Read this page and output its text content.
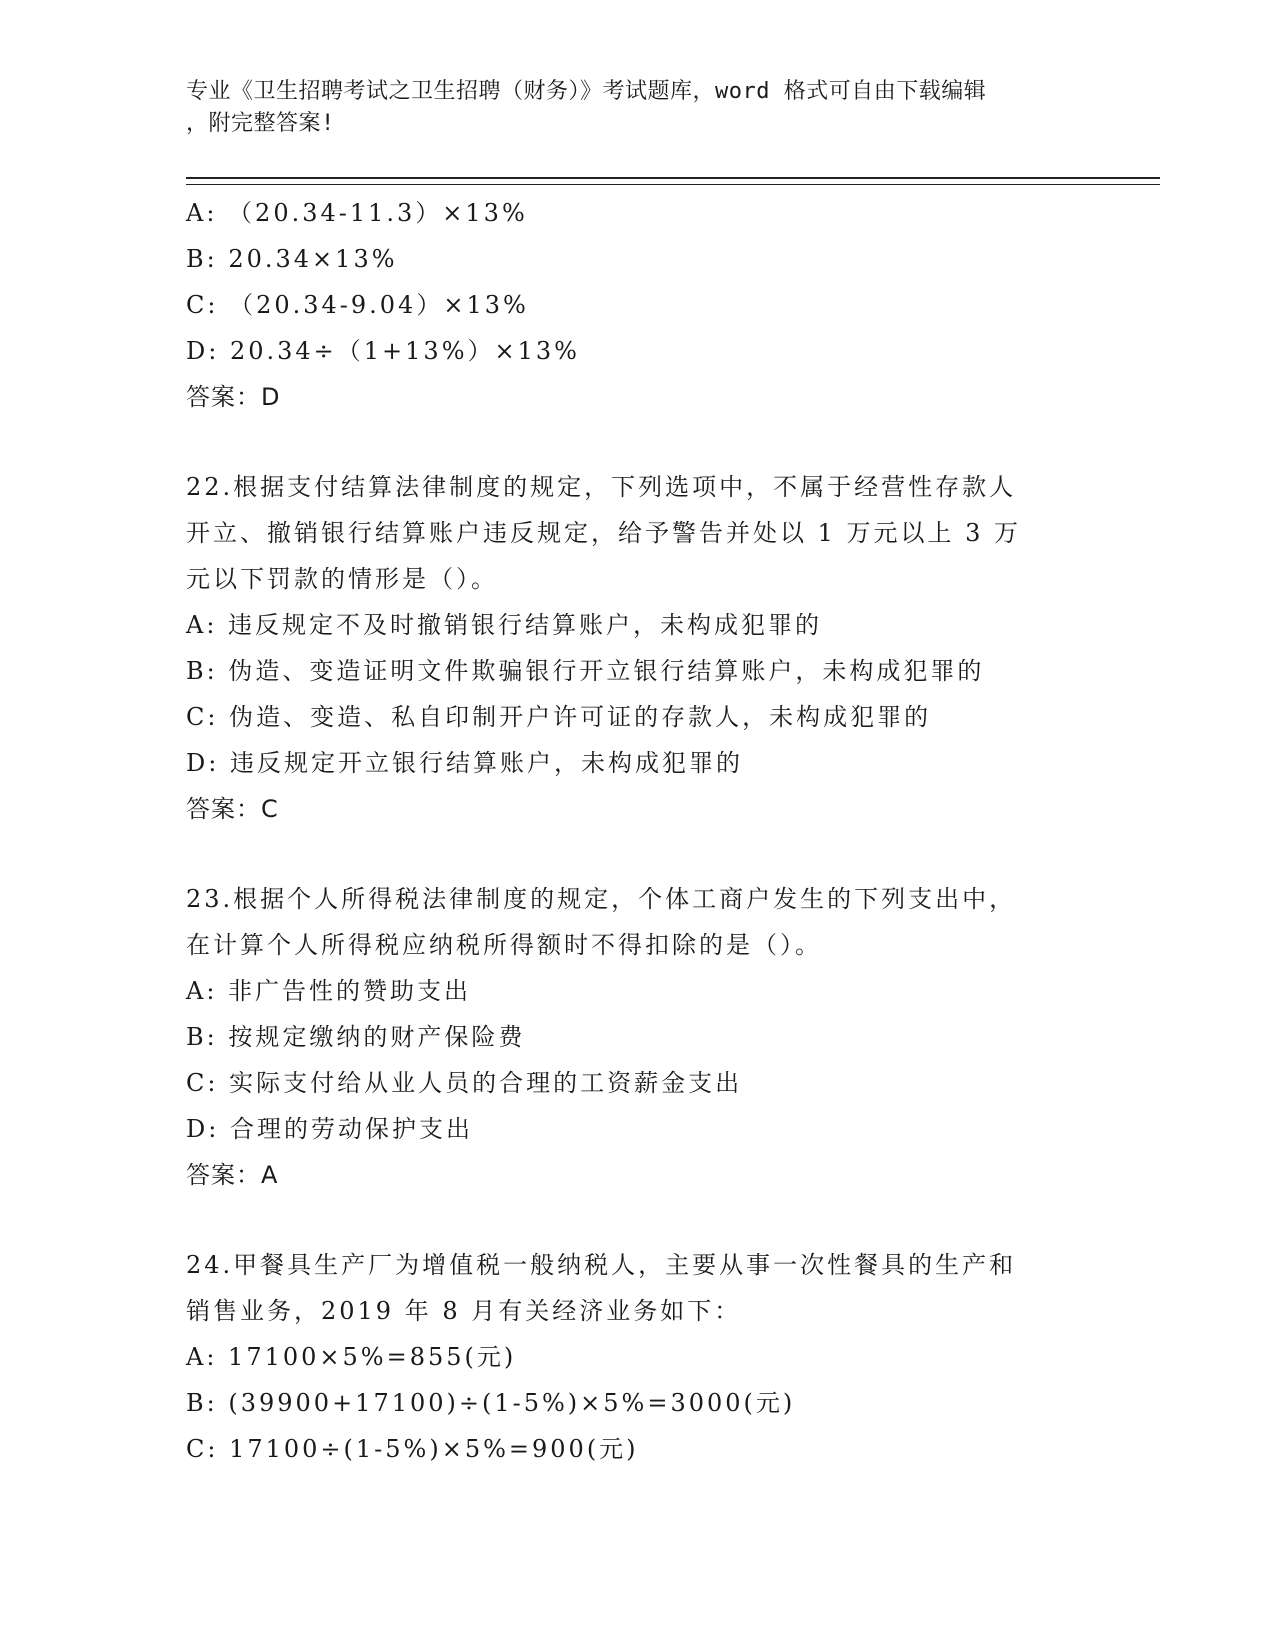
专业《卫生招聘考试之卫生招聘（财务）》考试题库，word 格式可自由下载编辑
，附完整答案!
A: （20.34-11.3）×13%
B: 20.34×13%
C: （20.34-9.04）×13%
D: 20.34÷（1+13%）×13%
答案：D
22.根据支付结算法律制度的规定，下列选项中，不属于经营性存款人
开立、撤销银行结算账户违反规定，给予警告并处以 1 万元以上 3 万
元以下罚款的情形是（）。
A: 违反规定不及时撤销银行结算账户，未构成犯罪的
B: 伪造、变造证明文件欺骗银行开立银行结算账户，未构成犯罪的
C: 伪造、变造、私自印制开户许可证的存款人，未构成犯罪的
D: 违反规定开立银行结算账户，未构成犯罪的
答案：C
23.根据个人所得税法律制度的规定，个体工商户发生的下列支出中，
在计算个人所得税应纳税所得额时不得扣除的是（）。
A: 非广告性的赞助支出
B: 按规定缴纳的财产保险费
C: 实际支付给从业人员的合理的工资薪金支出
D: 合理的劳动保护支出
答案：A
24.甲餐具生产厂为增值税一般纳税人，主要从事一次性餐具的生产和
销售业务，2019 年 8 月有关经济业务如下：
A: 17100×5%=855(元)
B: (39900+17100)÷(1-5%)×5%=3000(元)
C: 17100÷(1-5%)×5%=900(元)
